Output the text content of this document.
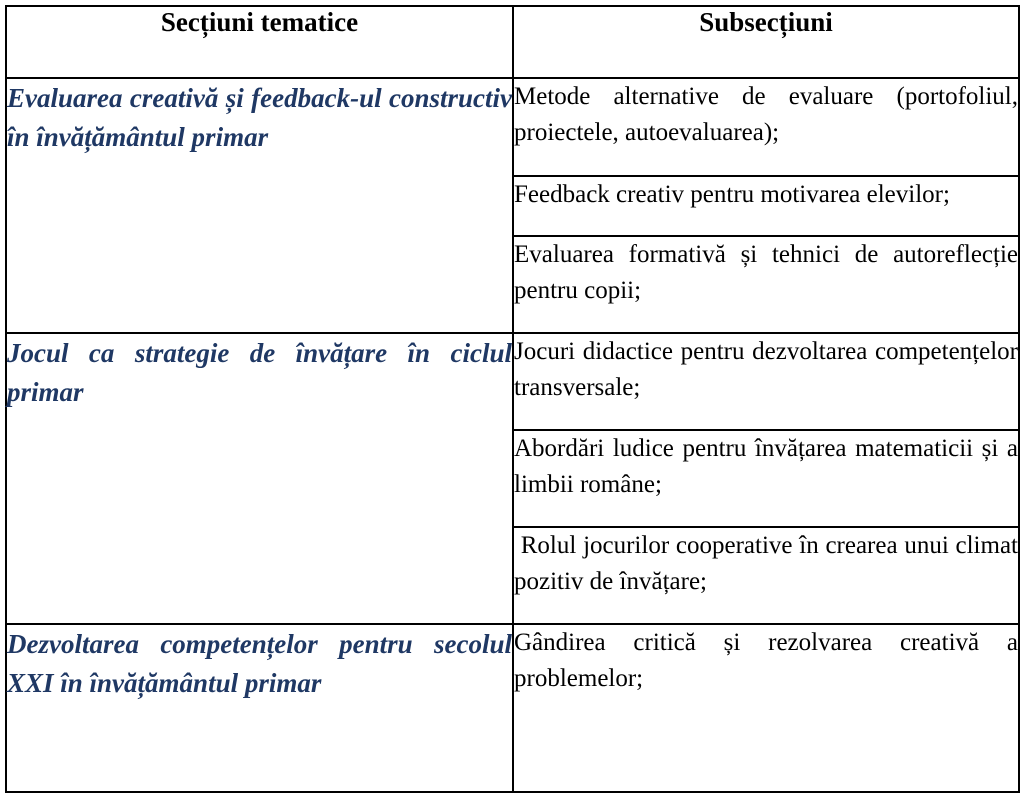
Secțiuni tematice	Subsecțiuni

Evaluarea creativă și feedback-ul constructiv în învățământul primar	Metode alternative de evaluare (portofoliul, proiectele, autoevaluarea);

	Feedback creativ pentru motivarea elevilor;

	Evaluarea formativă și tehnici de autoreflecție pentru copii;

Jocul ca strategie de învățare în ciclul primar	Jocuri didactice pentru dezvoltarea competențelor transversale;

	Abordări ludice pentru învățarea matematicii și a limbii române;

	Rolul jocurilor cooperative în crearea unui climat pozitiv de învățare;

Dezvoltarea competențelor pentru secolul XXI în învățământul primar	Gândirea critică și rezolvarea creativă a problemelor;
